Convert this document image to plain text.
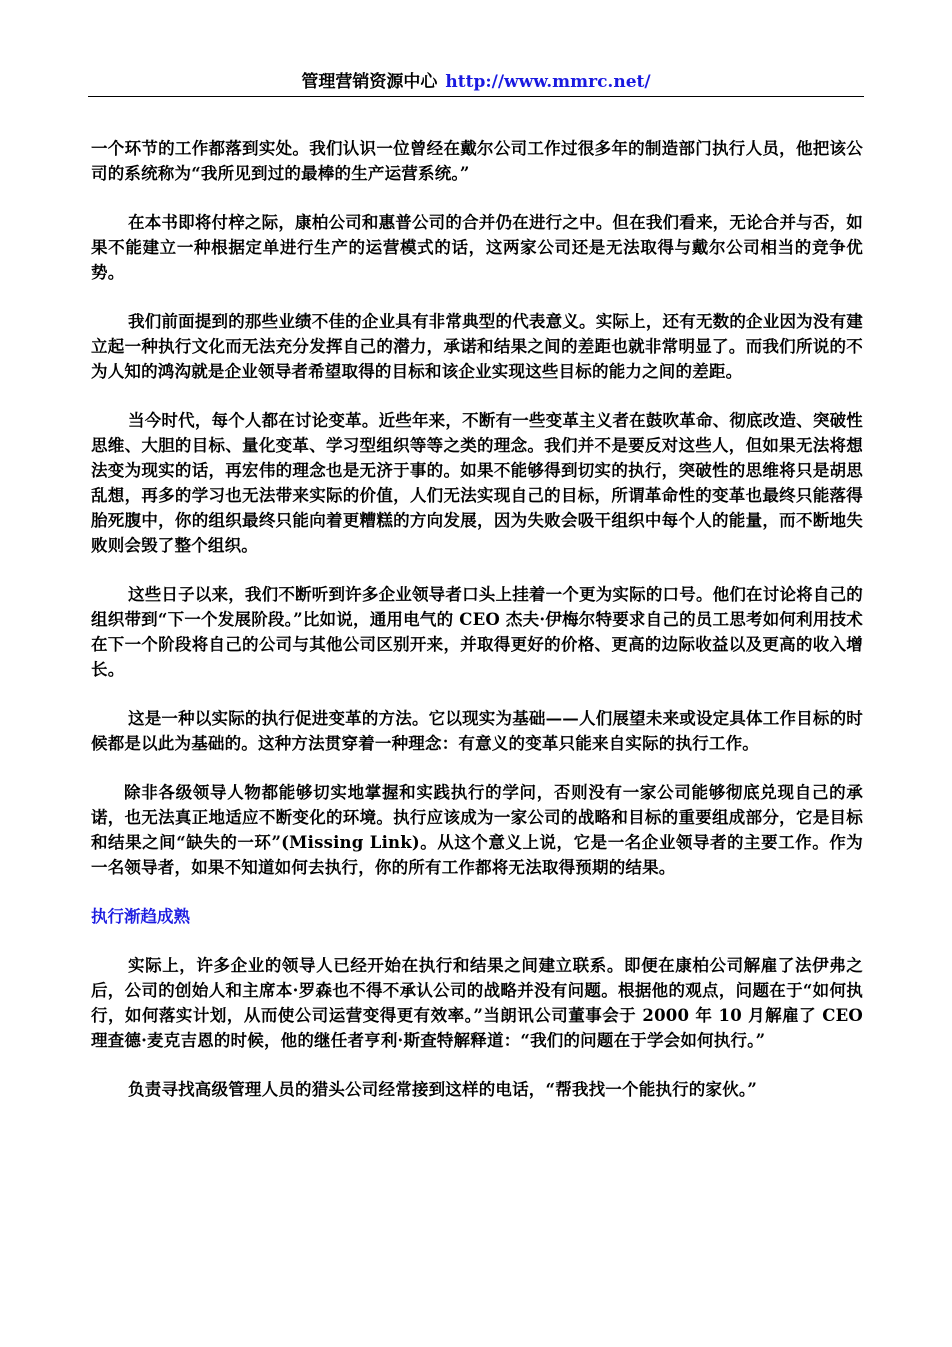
管理营销资源中心 http://www.mmrc.net/

一个环节的工作都落到实处。我们认识一位曾经在戴尔公司工作过很多年的制造部门执行人员，他把该公司的系统称为“我所见到过的最棒的生产运营系统。”

在本书即将付梓之际，康柏公司和惠普公司的合并仍在进行之中。但在我们看来，无论合并与否，如果不能建立一种根据定单进行生产的运营模式的话，这两家公司还是无法取得与戴尔公司相当的竞争优势。

我们前面提到的那些业绩不佳的企业具有非常典型的代表意义。实际上，还有无数的企业因为没有建立起一种执行文化而无法充分发挥自己的潜力，承诺和结果之间的差距也就非常明显了。而我们所说的不为人知的鸿沟就是企业领导者希望取得的目标和该企业实现这些目标的能力之间的差距。

当今时代，每个人都在讨论变革。近些年来，不断有一些变革主义者在鼓吹革命、彻底改造、突破性思维、大胆的目标、量化变革、学习型组织等等之类的理念。我们并不是要反对这些人，但如果无法将想法变为现实的话，再宏伟的理念也是无济于事的。如果不能够得到切实的执行，突破性的思维将只是胡思乱想，再多的学习也无法带来实际的价值，人们无法实现自己的目标，所谓革命性的变革也最终只能落得胎死腹中，你的组织最终只能向着更糟糕的方向发展，因为失败会吸干组织中每个人的能量，而不断地失败则会毁了整个组织。

这些日子以来，我们不断听到许多企业领导者口头上挂着一个更为实际的口号。他们在讨论将自己的组织带到“下一个发展阶段。”比如说，通用电气的 CEO 杰夫·伊梅尔特要求自己的员工思考如何利用技术在下一个阶段将自己的公司与其他公司区别开来，并取得更好的价格、更高的边际收益以及更高的收入增长。

这是一种以实际的执行促进变革的方法。它以现实为基础——人们展望未来或设定具体工作目标的时候都是以此为基础的。这种方法贯穿着一种理念：有意义的变革只能来自实际的执行工作。

除非各级领导人物都能够切实地掌握和实践执行的学问，否则没有一家公司能够彻底兑现自己的承诺，也无法真正地适应不断变化的环境。执行应该成为一家公司的战略和目标的重要组成部分，它是目标和结果之间“缺失的一环”(Missing Link)。从这个意义上说，它是一名企业领导者的主要工作。作为一名领导者，如果不知道如何去执行，你的所有工作都将无法取得预期的结果。

执行渐趋成熟

实际上，许多企业的领导人已经开始在执行和结果之间建立联系。即便在康柏公司解雇了法伊弗之后，公司的创始人和主席本·罗森也不得不承认公司的战略并没有问题。根据他的观点，问题在于“如何执行，如何落实计划，从而使公司运营变得更有效率。”当朗讯公司董事会于 2000 年 10 月解雇了 CEO 理查德·麦克吉恩的时候，他的继任者亨利·斯查特解释道：“我们的问题在于学会如何执行。”

负责寻找高级管理人员的猎头公司经常接到这样的电话，“帮我找一个能执行的家伙。”
